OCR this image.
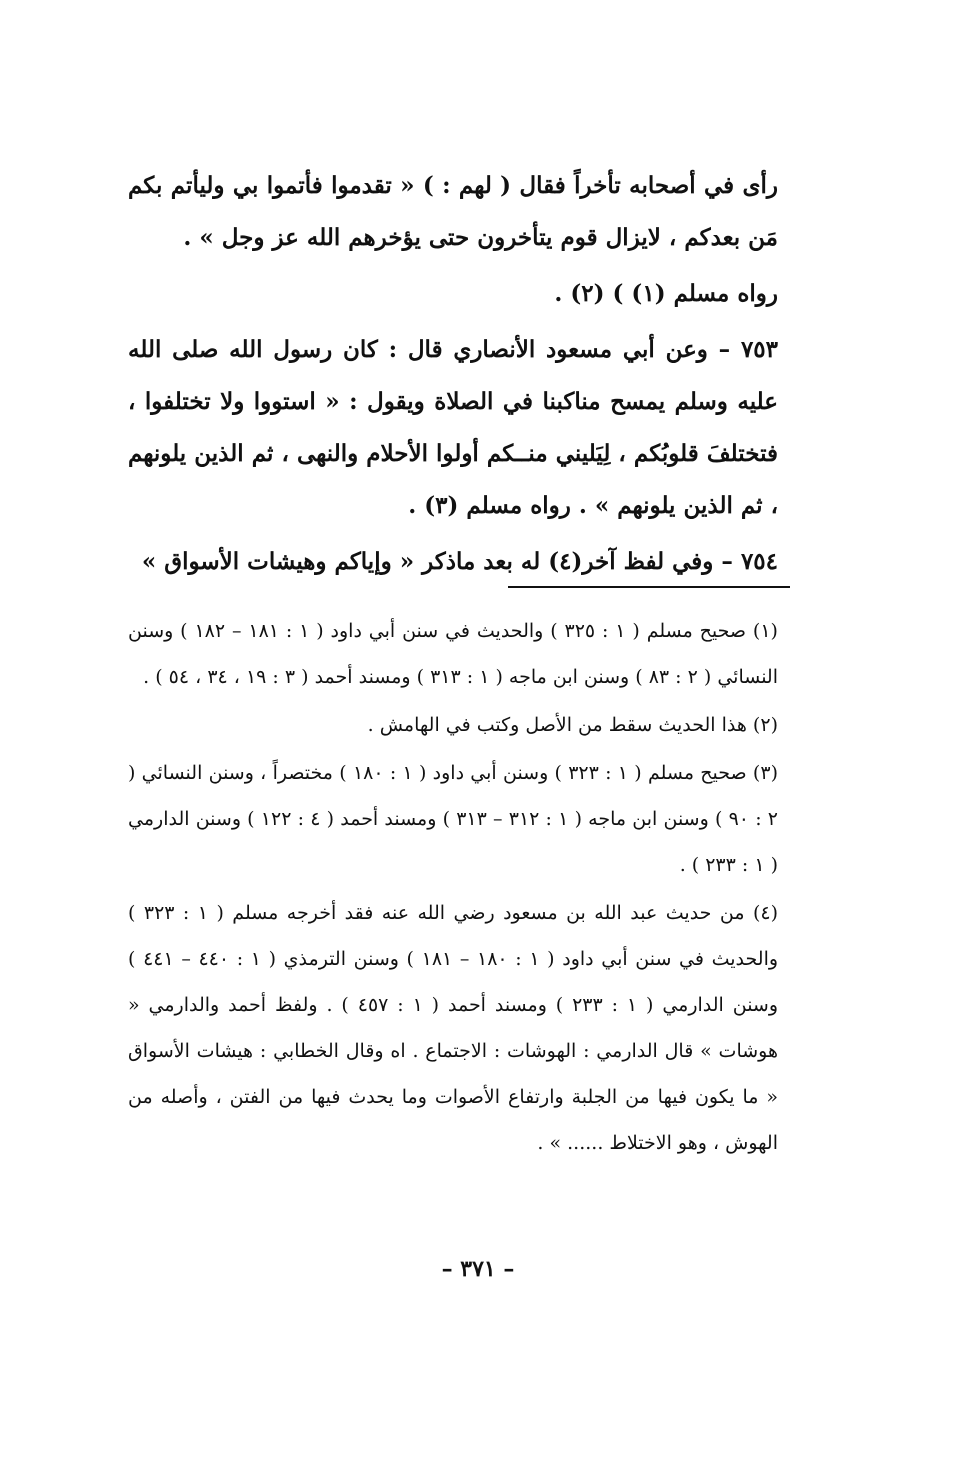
رأى في أصحابه تأخراً فقال ( لهم : ) « تقدموا فأتموا بي وليأتم بكم مَن بعدكم ، لايزال قوم يتأخرون حتى يؤخرهم الله عز وجل » .

رواه مسلم (١) ) (٢) .

٧٥٣ – وعن أبي مسعود الأنصاري قال : كان رسول الله صلى الله عليه وسلم يمسح مناكبنا في الصلاة ويقول : « استووا ولا تختلفوا ، فتختلفَ قلوبُكم ، لِيَليني منــكم أولوا الأحلام والنهى ، ثم الذين يلونهم ، ثم الذين يلونهم » . رواه مسلم (٣) .

٧٥٤ – وفي لفظ آخر(٤) له بعد ماذكر « وإياكم وهيشات الأسواق »

(١) صحيح مسلم ( ١ : ٣٢٥ ) والحديث في سنن أبي داود ( ١ : ١٨١ – ١٨٢ ) وسنن النسائي ( ٢ : ٨٣ ) وسنن ابن ماجه ( ١ : ٣١٣ ) ومسند أحمد ( ٣ : ١٩ ، ٣٤ ، ٥٤ ) .

(٢) هذا الحديث سقط من الأصل وكتب في الهامش .

(٣) صحيح مسلم ( ١ : ٣٢٣ ) وسنن أبي داود ( ١ : ١٨٠ ) مختصراً ، وسنن النسائي ( ٢ : ٩٠ ) وسنن ابن ماجه ( ١ : ٣١٢ – ٣١٣ ) ومسند أحمد ( ٤ : ١٢٢ ) وسنن الدارمي ( ١ : ٢٣٣ ) .

(٤) من حديث عبد الله بن مسعود رضي الله عنه فقد أخرجه مسلم ( ١ : ٣٢٣ ) والحديث في سنن أبي داود ( ١ : ١٨٠ – ١٨١ ) وسنن الترمذي ( ١ : ٤٤٠ – ٤٤١ ) وسنن الدارمي ( ١ : ٢٣٣ ) ومسند أحمد ( ١ : ٤٥٧ ) . ولفظ أحمد والدارمي « هوشات » قال الدارمي : الهوشات : الاجتماع . اه وقال الخطابي : هيشات الأسواق « ما يكون فيها من الجلبة وارتفاع الأصوات وما يحدث فيها من الفتن ، وأصله من الهوش ، وهو الاختلاط ...... » .

– ٣٧١ –
